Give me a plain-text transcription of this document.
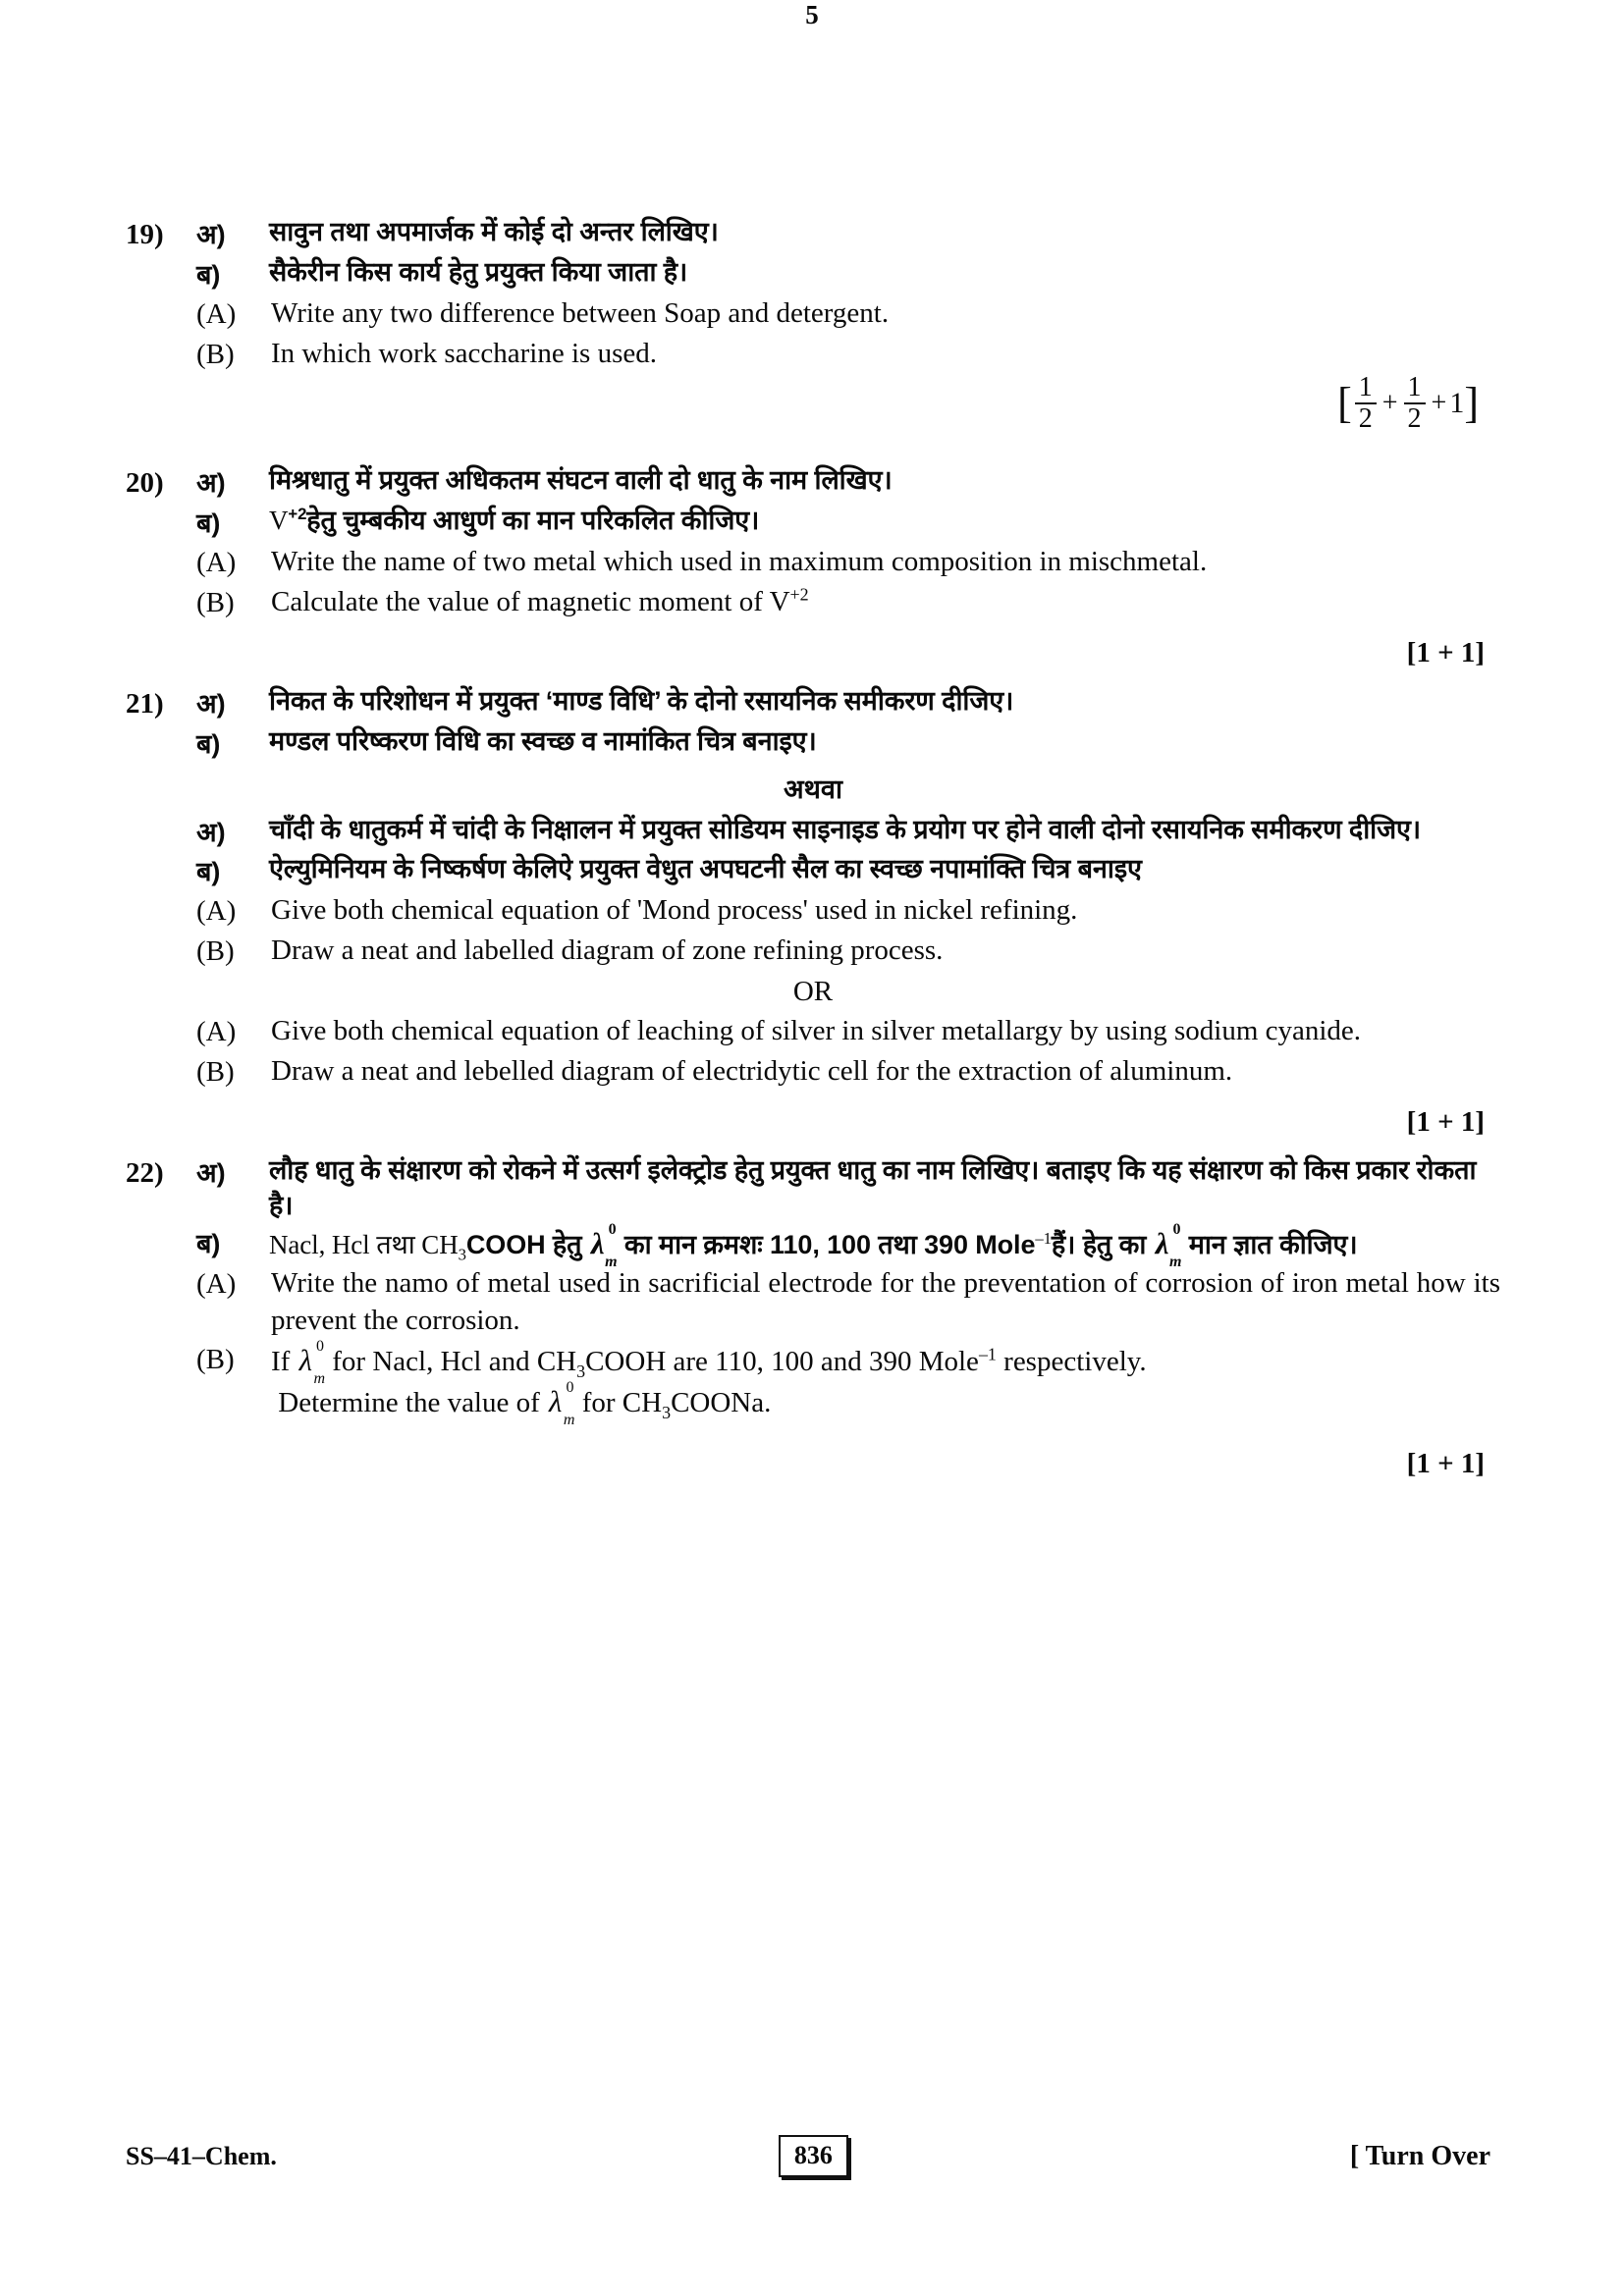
5
19)	अ)	सावुन तथा अपमार्जक में कोई दो अन्तर लिखिए।
ब)	सैकेरीन किस कार्य हेतु प्रयुक्त किया जाता है।
(A)	Write any two difference between Soap and detergent.
(B)	In which work saccharine is used.
[ $\frac{1}{2} + \frac{1}{2} + 1$ ]
20)	अ)	मिश्रधातु में प्रयुक्त अधिकतम संघटन वाली दो धातु के नाम लिखिए।
ब)	$V^{+2}हेतु$ चुम्बकीय आधुर्ण का मान परिकलित कीजिए।
(A)	Write the name of two metal which used in maximum composition in mischmetal.
(B)	Calculate the value of magnetic moment of $V^{+2}$
[1 + 1]
21)	अ)	निकत के परिशोधन में प्रयुक्त ‘माण्ड विधि’ के दोनो रसायनिक समीकरण दीजिए।
ब)	मण्डल परिष्करण विधि का स्वच्छ व नामांकित चित्र बनाइए।
अथवा
अ)	चाँदी के धातुकर्म में चांदी के निक्षालन में प्रयुक्त सोडियम साइनाइड के प्रयोग पर होने वाली दोनो रसायनिक समीकरण दीजिए।
ब)	ऐल्युमिनियम के निष्कर्षण केलिऐ प्रयुक्त वेधुत अपघटनी सैल का स्वच्छ नपामांक्ति चित्र बनाइए
(A)	Give both chemical equation of 'Mond process' used in nickel refining.
(B)	Draw a neat and labelled diagram of zone refining process.
OR
(A)	Give both chemical equation of leaching of silver in silver metallargy by using sodium cyanide.
(B)	Draw a neat and lebelled diagram of electridytic cell for the extraction of aluminum.
[1 + 1]
22)	अ)	लौह धातु के संक्षारण को रोकने में उत्सर्ग इलेक्ट्रोड हेतु प्रयुक्त धातु का नाम लिखिए। बताइए कि यह संक्षारण को किस प्रकार रोकता है।
ब)	Nacl, Hcl तथा $CH_3COOH$ हेतु λ 0
m
का मान क्रमशः 110, 100 तथा 390 Mole$^{-1}$हैं। हेतु का λ 0
m
मान ज्ञात कीजिए।
(A)	Write the namo of metal used in sacrificial electrode for the preventation of corrosion of iron metal how its prevent the corrosion.
(B)	If λ 0
m
for Nacl, Hcl and $CH_3COOH$ are 110, 100 and 390 Mole$^{-1}$ respectively.
Determine the value of λ 0
m
for $CH_3COONa$.
[1 + 1]
SS–41–Chem.	836	[ Turn Over
